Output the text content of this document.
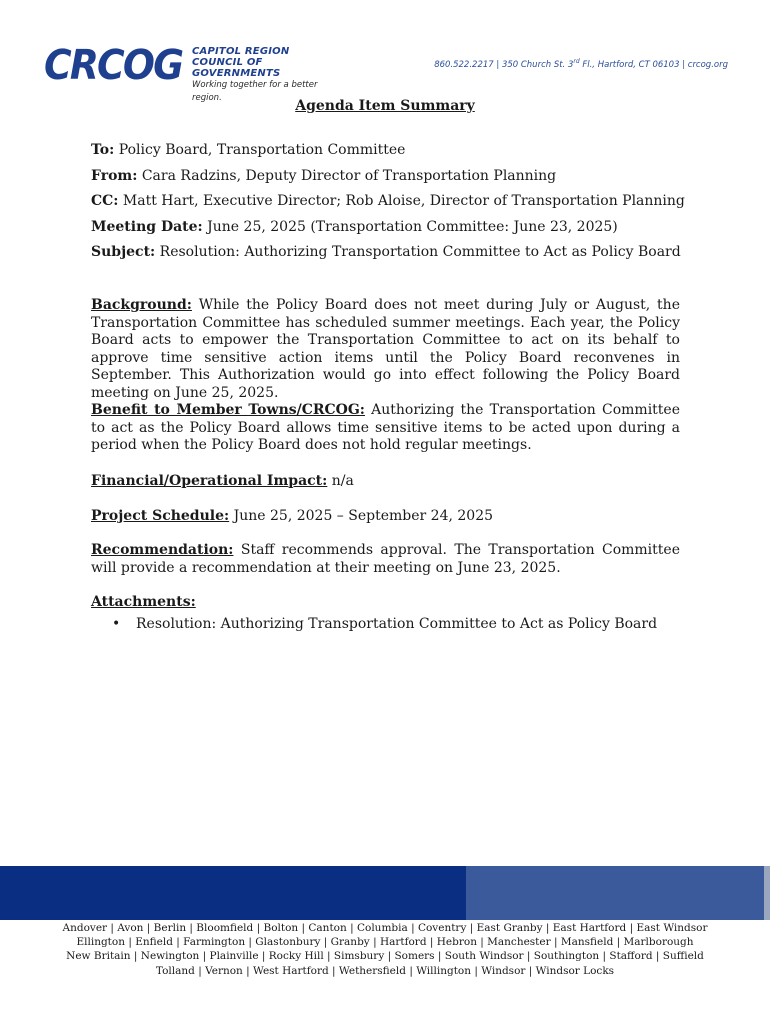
CRCOG CAPITOL REGION
COUNCIL OF GOVERNMENTS
Working together for a better region.
860.522.2217 | 350 Church St. 3rd Fl., Hartford, CT 06103 | crcog.org
Agenda Item Summary
To: Policy Board, Transportation Committee
From: Cara Radzins, Deputy Director of Transportation Planning
CC: Matt Hart, Executive Director; Rob Aloise, Director of Transportation Planning
Meeting Date: June 25, 2025 (Transportation Committee: June 23, 2025)
Subject: Resolution: Authorizing Transportation Committee to Act as Policy Board
Background: While the Policy Board does not meet during July or August, the Transportation Committee has scheduled summer meetings. Each year, the Policy Board acts to empower the Transportation Committee to act on its behalf to approve time sensitive action items until the Policy Board reconvenes in September. This Authorization would go into effect following the Policy Board meeting on June 25, 2025.
Benefit to Member Towns/CRCOG: Authorizing the Transportation Committee to act as the Policy Board allows time sensitive items to be acted upon during a period when the Policy Board does not hold regular meetings.
Financial/Operational Impact: n/a
Project Schedule: June 25, 2025 – September 24, 2025
Recommendation: Staff recommends approval. The Transportation Committee will provide a recommendation at their meeting on June 23, 2025.
Attachments:
• Resolution: Authorizing Transportation Committee to Act as Policy Board
Andover | Avon | Berlin | Bloomfield | Bolton | Canton | Columbia | Coventry | East Granby | East Hartford | East Windsor
Ellington | Enfield | Farmington | Glastonbury | Granby | Hartford | Hebron | Manchester | Mansfield | Marlborough
New Britain | Newington | Plainville | Rocky Hill | Simsbury | Somers | South Windsor | Southington | Stafford | Suffield
Tolland | Vernon | West Hartford | Wethersfield | Willington | Windsor | Windsor Locks
